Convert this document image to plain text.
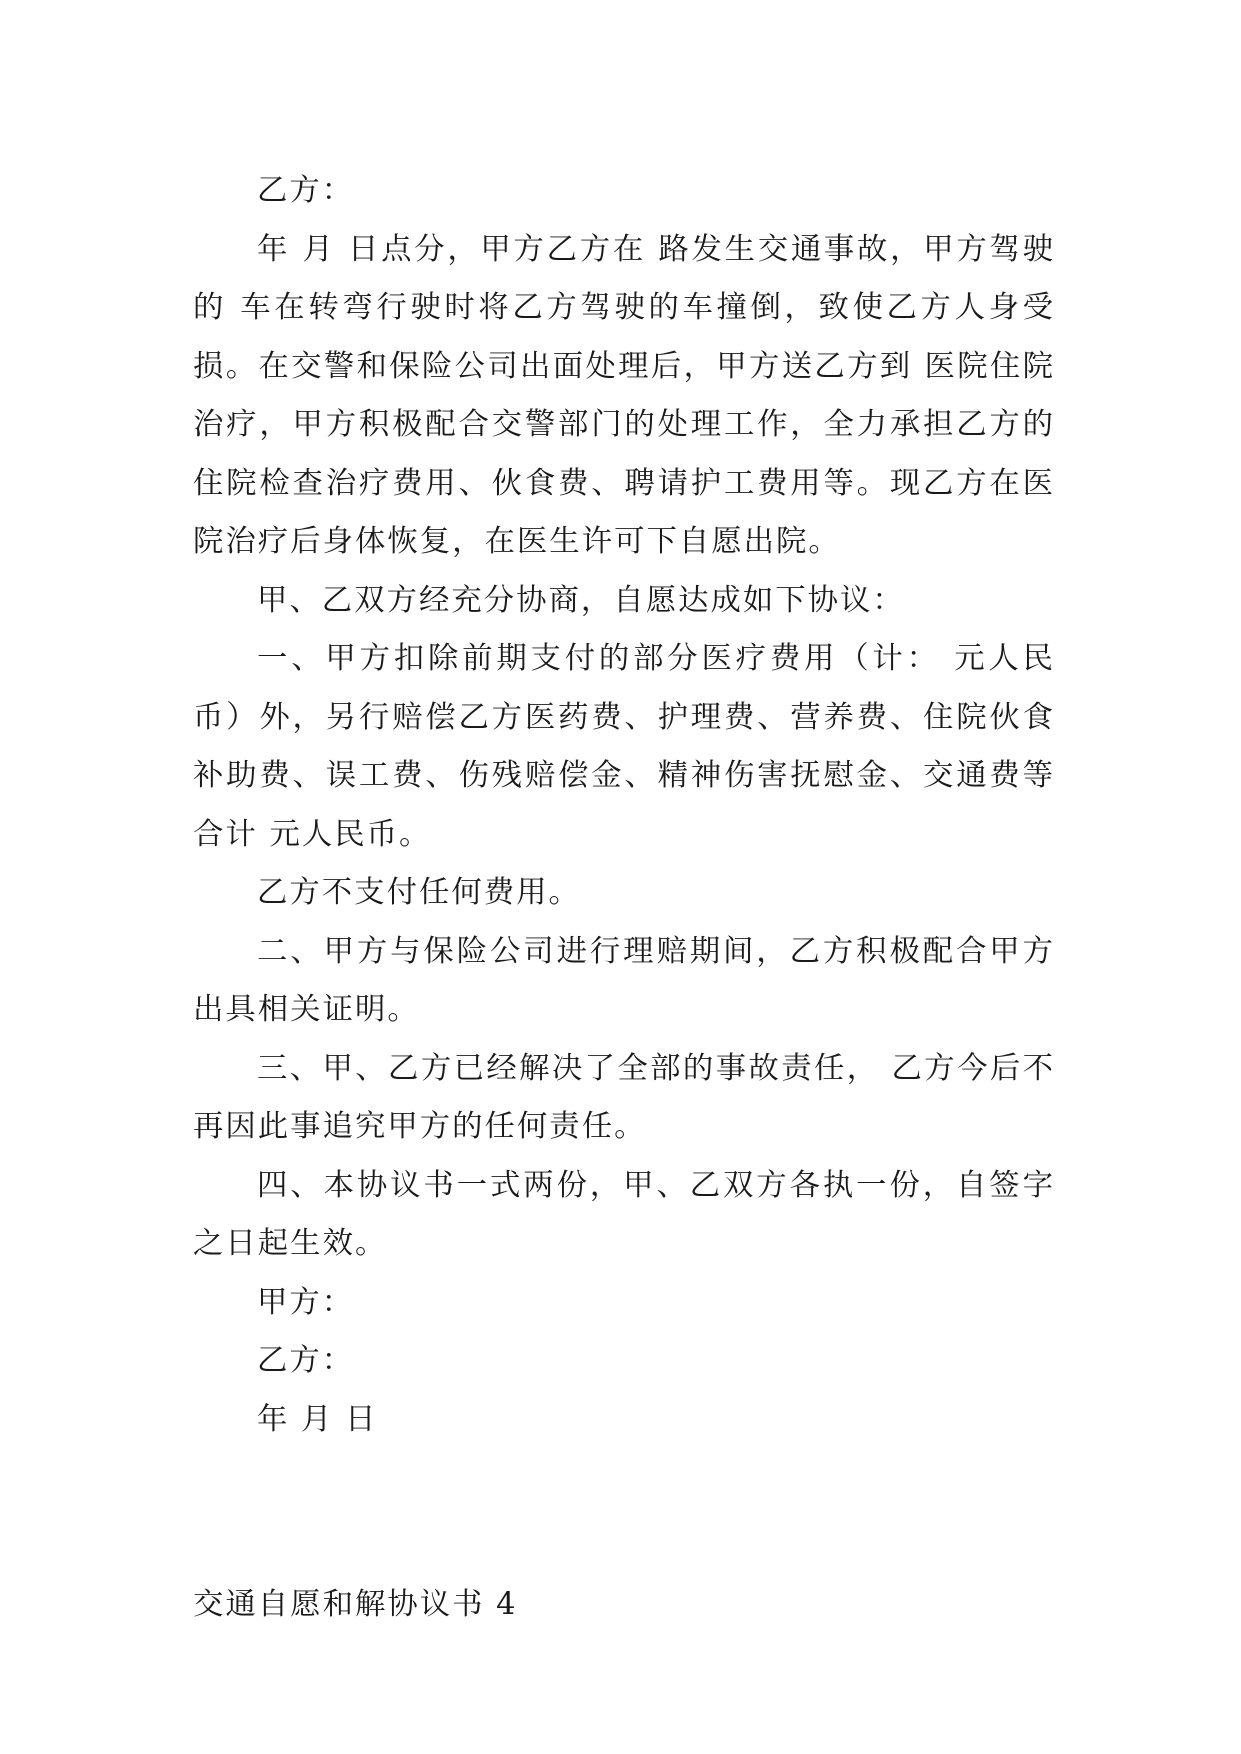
乙方：

年 月 日点分，甲方乙方在 路发生交通事故，甲方驾驶的 车在转弯行驶时将乙方驾驶的车撞倒，致使乙方人身受损。在交警和保险公司出面处理后，甲方送乙方到 医院住院治疗，甲方积极配合交警部门的处理工作，全力承担乙方的住院检查治疗费用、伙食费、聘请护工费用等。现乙方在医院治疗后身体恢复，在医生许可下自愿出院。

甲、乙双方经充分协商，自愿达成如下协议：

一、甲方扣除前期支付的部分医疗费用（计： 元人民币）外，另行赔偿乙方医药费、护理费、营养费、住院伙食补助费、误工费、伤残赔偿金、精神伤害抚慰金、交通费等合计 元人民币。

乙方不支付任何费用。

二、甲方与保险公司进行理赔期间，乙方积极配合甲方出具相关证明。

三、甲、乙方已经解决了全部的事故责任， 乙方今后不再因此事追究甲方的任何责任。

四、本协议书一式两份，甲、乙双方各执一份，自签字之日起生效。

甲方：

乙方：

年 月 日

交通自愿和解协议书 4
